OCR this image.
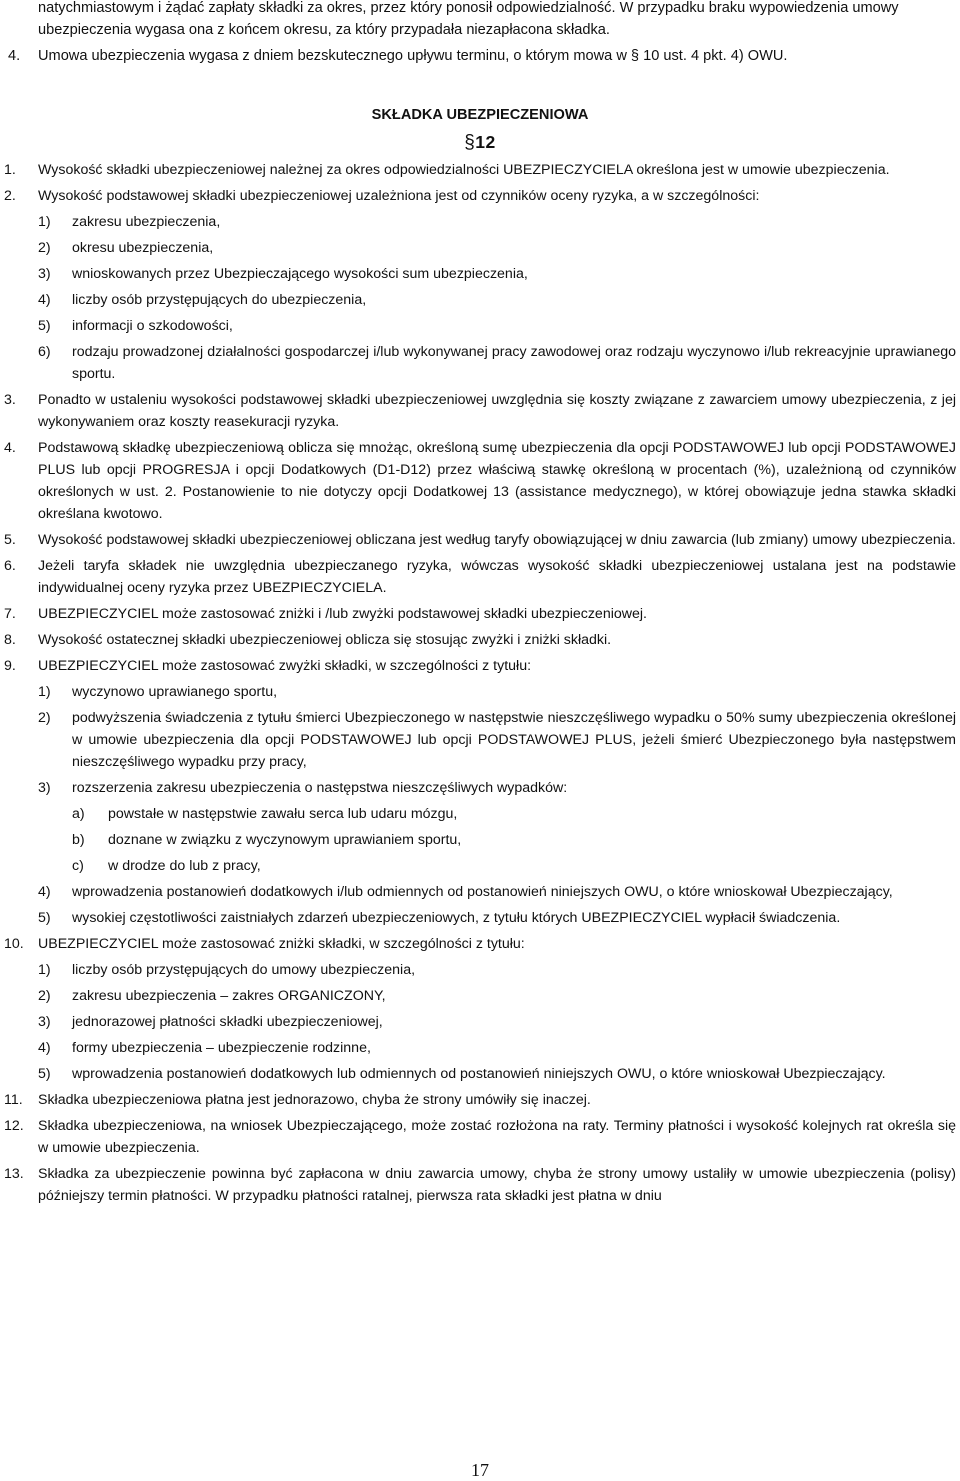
natychmiastowym i żądać zapłaty składki za okres, przez który ponosił odpowiedzialność. W przypadku braku wypowiedzenia umowy ubezpieczenia wygasa ona z końcem okresu, za który przypadała niezapłacona składka.
4. Umowa ubezpieczenia wygasa z dniem bezskutecznego upływu terminu, o którym mowa w § 10 ust. 4 pkt. 4) OWU.
SKŁADKA UBEZPIECZENIOWA
§12
1. Wysokość składki ubezpieczeniowej należnej za okres odpowiedzialności UBEZPIECZYCIELA określona jest w umowie ubezpieczenia.
2. Wysokość podstawowej składki ubezpieczeniowej uzależniona jest od czynników oceny ryzyka, a w szczególności:
1) zakresu ubezpieczenia,
2) okresu ubezpieczenia,
3) wnioskowanych przez Ubezpieczającego wysokości sum ubezpieczenia,
4) liczby osób przystępujących do ubezpieczenia,
5) informacji o szkodowości,
6) rodzaju prowadzonej działalności gospodarczej i/lub wykonywanej pracy zawodowej oraz rodzaju wyczynowo i/lub rekreacyjnie uprawianego sportu.
3. Ponadto w ustaleniu wysokości podstawowej składki ubezpieczeniowej uwzględnia się koszty związane z zawarciem umowy ubezpieczenia, z jej wykonywaniem oraz koszty reasekuracji ryzyka.
4. Podstawową składkę ubezpieczeniową oblicza się mnożąc, określoną sumę ubezpieczenia dla opcji PODSTAWOWEJ lub opcji PODSTAWOWEJ PLUS lub opcji PROGRESJA i opcji Dodatkowych (D1-D12) przez właściwą stawkę określoną w procentach (%), uzależnioną od czynników określonych w ust. 2. Postanowienie to nie dotyczy opcji Dodatkowej 13 (assistance medycznego), w której obowiązuje jedna stawka składki określana kwotowo.
5. Wysokość podstawowej składki ubezpieczeniowej obliczana jest według taryfy obowiązującej w dniu zawarcia (lub zmiany) umowy ubezpieczenia.
6. Jeżeli taryfa składek nie uwzględnia ubezpieczanego ryzyka, wówczas wysokość składki ubezpieczeniowej ustalana jest na podstawie indywidualnej oceny ryzyka przez UBEZPIECZYCIELA.
7. UBEZPIECZYCIEL może zastosować zniżki i /lub zwyżki podstawowej składki ubezpieczeniowej.
8. Wysokość ostatecznej składki ubezpieczeniowej oblicza się stosując zwyżki i zniżki składki.
9. UBEZPIECZYCIEL może zastosować zwyżki składki, w szczególności z tytułu:
1) wyczynowo uprawianego sportu,
2) podwyższenia świadczenia z tytułu śmierci Ubezpieczonego w następstwie nieszczęśliwego wypadku o 50% sumy ubezpieczenia określonej w umowie ubezpieczenia dla opcji PODSTAWOWEJ lub opcji PODSTAWOWEJ PLUS, jeżeli śmierć Ubezpieczonego była następstwem nieszczęśliwego wypadku przy pracy,
3) rozszerzenia zakresu ubezpieczenia o następstwa nieszczęśliwych wypadków:
a) powstałe w następstwie zawału serca lub udaru mózgu,
b) doznane w związku z wyczynowym uprawianiem sportu,
c) w drodze do lub z pracy,
4) wprowadzenia postanowień dodatkowych i/lub odmiennych od postanowień niniejszych OWU, o które wnioskował Ubezpieczający,
5) wysokiej częstotliwości zaistniałych zdarzeń ubezpieczeniowych, z tytułu których UBEZPIECZYCIEL wypłacił świadczenia.
10. UBEZPIECZYCIEL może zastosować zniżki składki, w szczególności z tytułu:
1) liczby osób przystępujących do umowy ubezpieczenia,
2) zakresu ubezpieczenia – zakres ORGANICZONY,
3) jednorazowej płatności składki ubezpieczeniowej,
4) formy ubezpieczenia – ubezpieczenie rodzinne,
5) wprowadzenia postanowień dodatkowych lub odmiennych od postanowień niniejszych OWU, o które wnioskował Ubezpieczający.
11. Składka ubezpieczeniowa płatna jest jednorazowo, chyba że strony umówiły się inaczej.
12. Składka ubezpieczeniowa, na wniosek Ubezpieczającego, może zostać rozłożona na raty. Terminy płatności i wysokość kolejnych rat określa się w umowie ubezpieczenia.
13. Składka za ubezpieczenie powinna być zapłacona w dniu zawarcia umowy, chyba że strony umowy ustaliły w umowie ubezpieczenia (polisy) późniejszy termin płatności. W przypadku płatności ratalnej, pierwsza rata składki jest płatna w dniu
17
